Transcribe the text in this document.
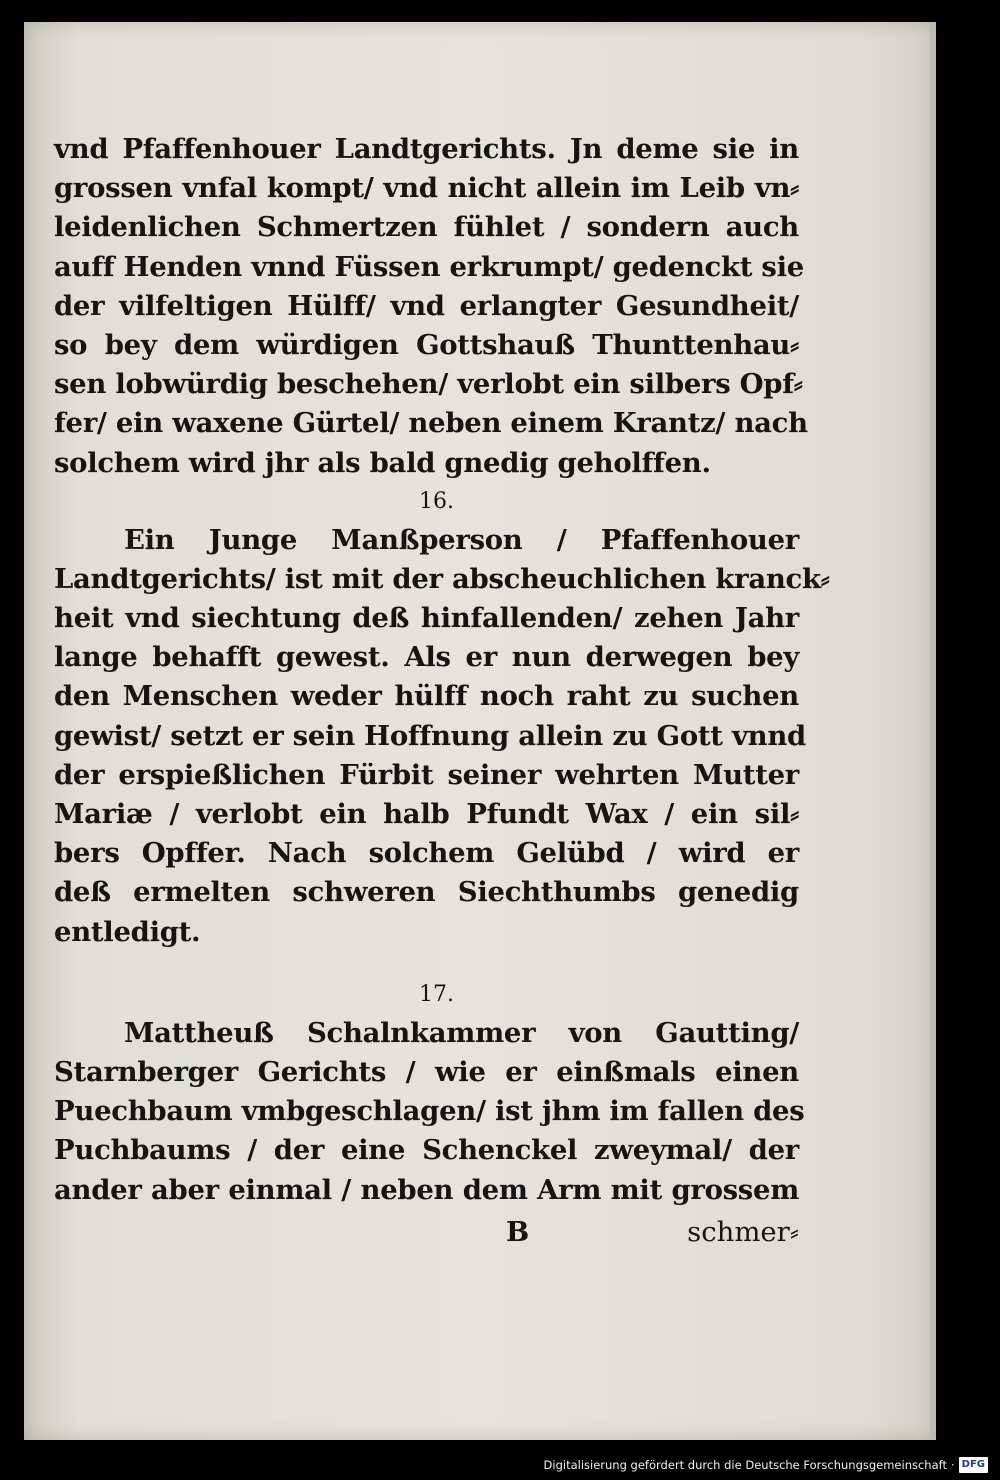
vnd Pfaffenhouer Landtgerichts. Jn deme sie in
grossen vnfal kompt/ vnd nicht allein im Leib vn⸗
leidenlichen Schmertzen fühlet / sondern auch
auff Henden vnnd Füssen erkrumpt/ gedenckt sie
der vilfeltigen Hülff/ vnd erlangter Gesundheit/
so bey dem würdigen Gottshauß Thunttenhau⸗
sen lobwürdig beschehen/ verlobt ein silbers Opf⸗
fer/ ein waxene Gürtel/ neben einem Krantz/ nach
solchem wird jhr als bald gnedig geholffen.
16.
Ein Junge Manßperson / Pfaffenhouer
Landtgerichts/ ist mit der abscheuchlichen kranck⸗
heit vnd siechtung deß hinfallenden/ zehen Jahr
lange behafft gewest. Als er nun derwegen bey
den Menschen weder hülff noch raht zu suchen
gewist/ setzt er sein Hoffnung allein zu Gott vnnd
der erspießlichen Fürbit seiner wehrten Mutter
Mariæ / verlobt ein halb Pfundt Wax / ein sil⸗
bers Opffer. Nach solchem Gelübd / wird er
deß ermelten schweren Siechthumbs genedig
entledigt.
17.
Mattheuß Schalnkammer von Gautting/
Starnberger Gerichts / wie er einßmals einen
Puechbaum vmbgeschlagen/ ist jhm im fallen des
Puchbaums / der eine Schenckel zweymal/ der
ander aber einmal / neben dem Arm mit grossem
B	schmer⸗
Digitalisierung gefördert durch die Deutsche Forschungsgemeinschaft · DFG
